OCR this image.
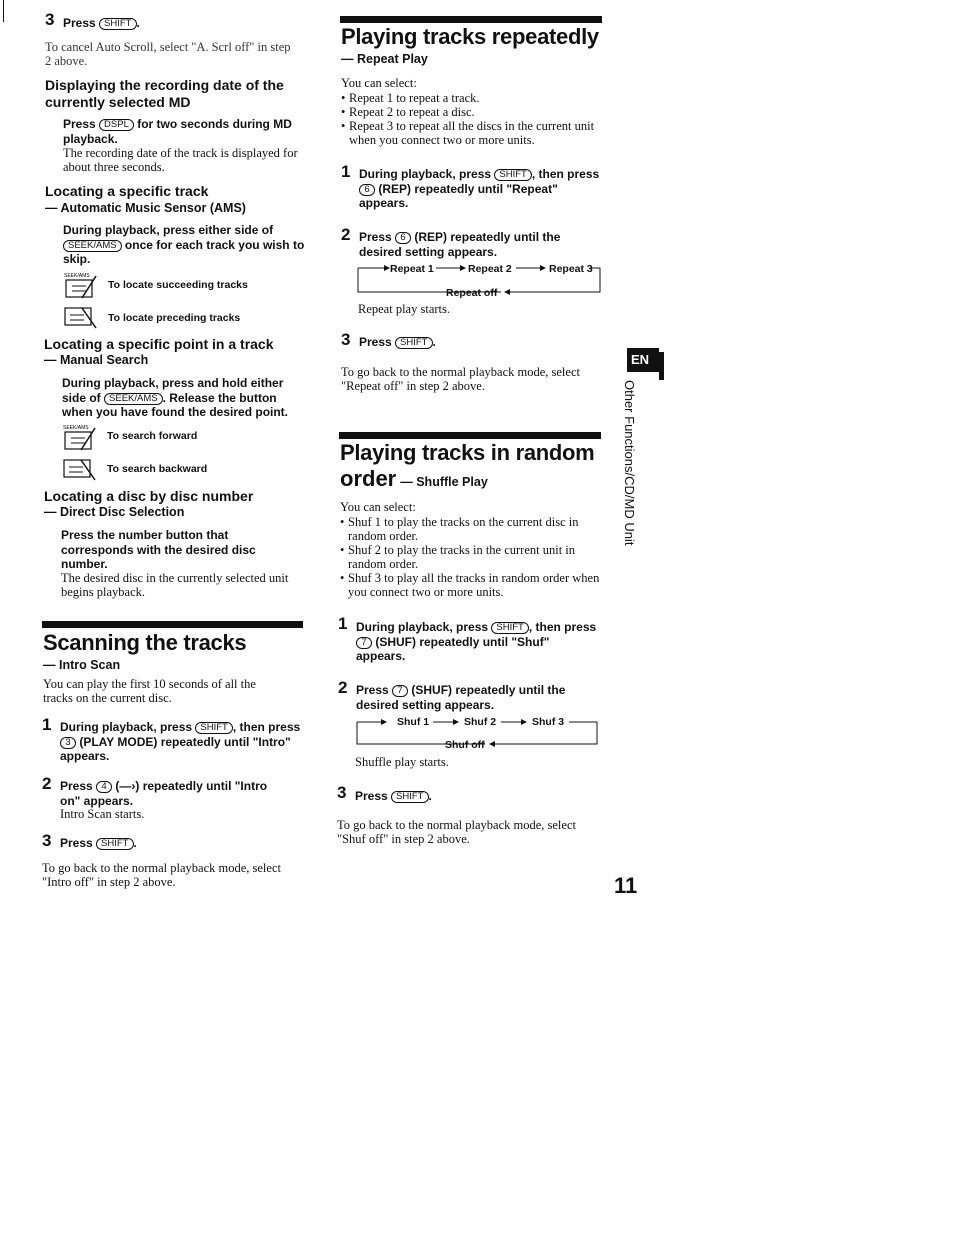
3 Press SHIFT .
To cancel Auto Scroll, select "A. Scrl off" in step 2 above.
Displaying the recording date of the currently selected MD
Press DSPL for two seconds during MD playback.
The recording date of the track is displayed for about three seconds.
Locating a specific track
— Automatic Music Sensor (AMS)
During playback, press either side of SEEK/AMS once for each track you wish to skip.
SEEK/AMS
To locate succeeding tracks
To locate preceding tracks
Locating a specific point in a track
— Manual Search
During playback, press and hold either
side of SEEK/AMS . Release the button
when you have found the desired point.
SEEK/AMS
To search forward
To search backward
Locating a disc by disc number
— Direct Disc Selection
Press the number button that corresponds with the desired disc number.
The desired disc in the currently selected unit begins playback.
Scanning the tracks
— Intro Scan
You can play the first 10 seconds of all the tracks on the current disc.
1 During playback, press SHIFT , then press 3 (PLAY MODE) repeatedly until "Intro" appears.
2 Press 4 (—›) repeatedly until "Intro on" appears.
Intro Scan starts.
3 Press SHIFT .
To go back to the normal playback mode, select "Intro off" in step 2 above.
Playing tracks repeatedly
— Repeat Play
You can select:
• Repeat 1 to repeat a track.
• Repeat 2 to repeat a disc.
• Repeat 3 to repeat all the discs in the current unit when you connect two or more units.
1 During playback, press SHIFT , then press 6 (REP) repeatedly until "Repeat" appears.
2 Press 6 (REP) repeatedly until the desired setting appears.
Repeat 1	Repeat 2	Repeat 3
Repeat off
Repeat play starts.
3 Press SHIFT .
To go back to the normal playback mode, select "Repeat off" in step 2 above.
Playing tracks in random
order — Shuffle Play
You can select:
• Shuf 1 to play the tracks on the current disc in random order.
• Shuf 2 to play the tracks in the current unit in random order.
• Shuf 3 to play all the tracks in random order when you connect two or more units.
1 During playback, press SHIFT , then press 7 (SHUF) repeatedly until "Shuf" appears.
2 Press 7 (SHUF) repeatedly until the desired setting appears.
Shuf 1	Shuf 2	Shuf 3
Shuf off
Shuffle play starts.
3 Press SHIFT .
To go back to the normal playback mode, select "Shuf off" in step 2 above.
EN
Other Functions/CD/MD Unit
11
